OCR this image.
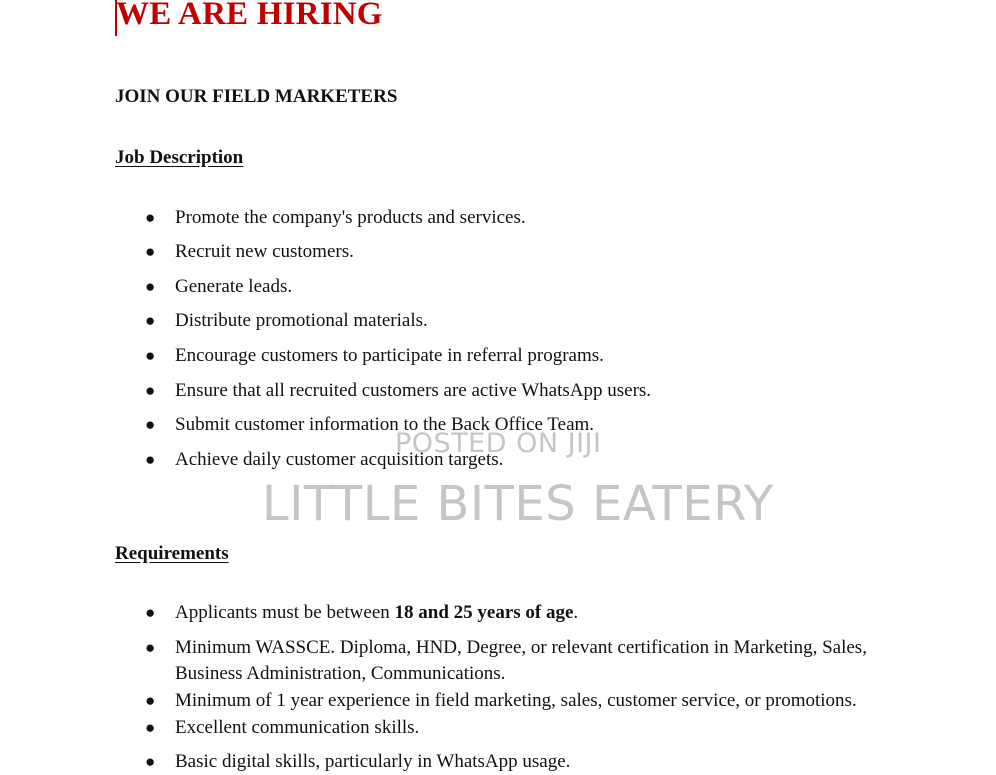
WE ARE HIRING
JOIN OUR FIELD MARKETERS
Job Description
● Promote the company's products and services.
● Recruit new customers.
● Generate leads.
● Distribute promotional materials.
● Encourage customers to participate in referral programs.
● Ensure that all recruited customers are active WhatsApp users.
● Submit customer information to the Back Office Team.
● Achieve daily customer acquisition targets.
Requirements
● Applicants must be between 18 and 25 years of age.
● Minimum WASSCE. Diploma, HND, Degree, or relevant certification in Marketing, Sales, Business Administration, Communications.
● Minimum of 1 year experience in field marketing, sales, customer service, or promotions.
● Excellent communication skills.
● Basic digital skills, particularly in WhatsApp usage.
POSTED ON JIJI
LITTLE BITES EATERY
